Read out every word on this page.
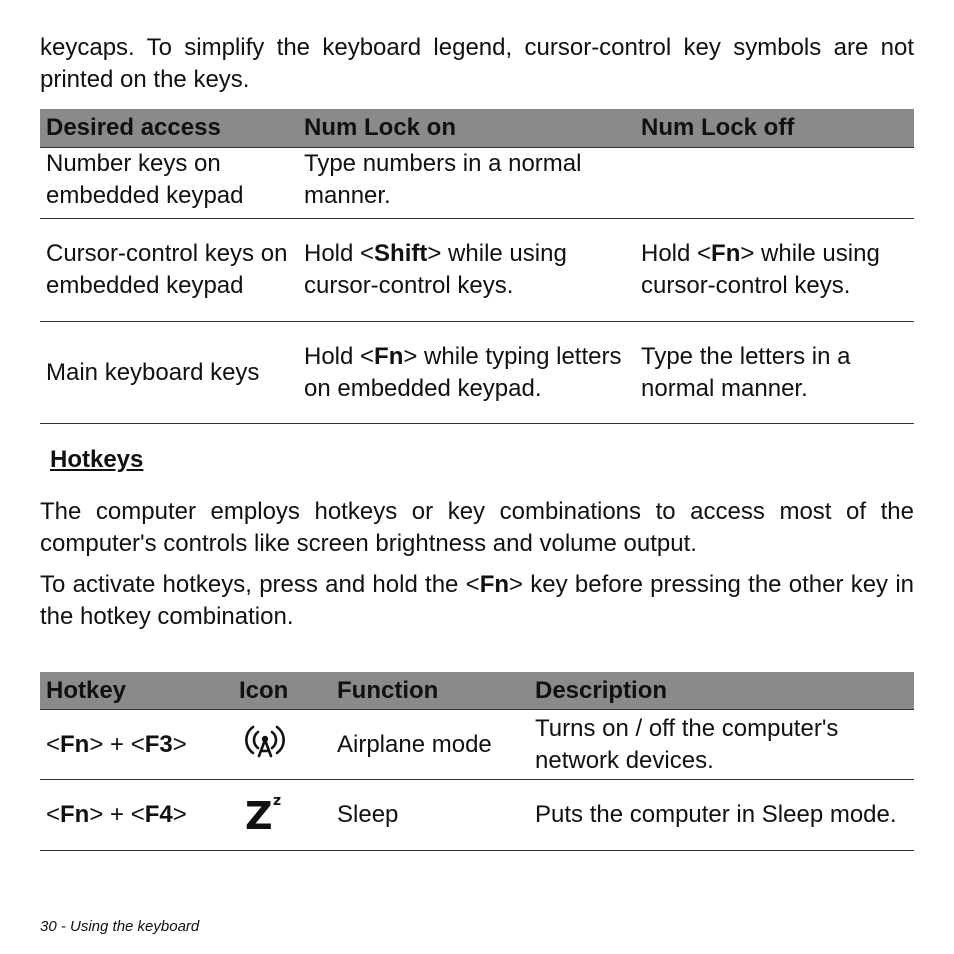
keycaps. To simplify the keyboard legend, cursor-control key symbols are not printed on the keys.

Desired access	Num Lock on	Num Lock off
Number keys on embedded keypad	Type numbers in a normal manner.	
Cursor-control keys on embedded keypad	Hold <Shift> while using cursor-control keys.	Hold <Fn> while using cursor-control keys.
Main keyboard keys	Hold <Fn> while typing letters on embedded keypad.	Type the letters in a normal manner.
Hotkeys

The computer employs hotkeys or key combinations to access most of the computer's controls like screen brightness and volume output.

To activate hotkeys, press and hold the <Fn> key before pressing the other key in the hotkey combination.

Hotkey	Icon	Function	Description
<Fn> + <F3>		Airplane mode	Turns on / off the computer's network devices.
<Fn> + <F4>	Z z	Sleep	Puts the computer in Sleep mode.
30 - Using the keyboard
